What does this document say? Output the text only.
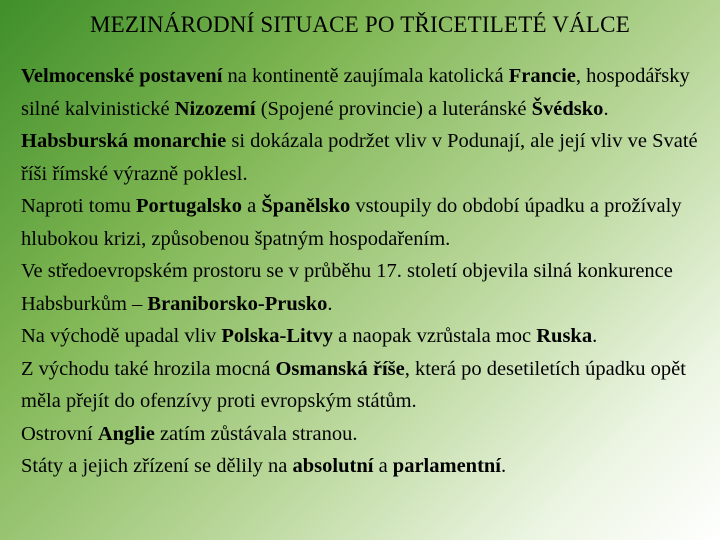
MEZINÁRODNÍ SITUACE PO TŘICETILETÉ VÁLCE

Velmocenské postavení na kontinentě zaujímala katolická Francie, hospodářsky silné kalvinistické Nizozemí (Spojené provincie) a luteránské Švédsko.

Habsburská monarchie si dokázala podržet vliv v Podunají, ale její vliv ve Svaté říši římské výrazně poklesl.

Naproti tomu Portugalsko a Španělsko vstoupily do období úpadku a prožívaly hlubokou krizi, způsobenou špatným hospodařením.

Ve středoevropském prostoru se v průběhu 17. století objevila silná konkurence Habsburkům – Braniborsko-Prusko.

Na východě upadal vliv Polska-Litvy a naopak vzrůstala moc Ruska.

Z východu také hrozila mocná Osmanská říše, která po desetiletích úpadku opět měla přejít do ofenzívy proti evropským státům.

Ostrovní Anglie zatím zůstávala stranou.

Státy a jejich zřízení se dělily na absolutní a parlamentní.
